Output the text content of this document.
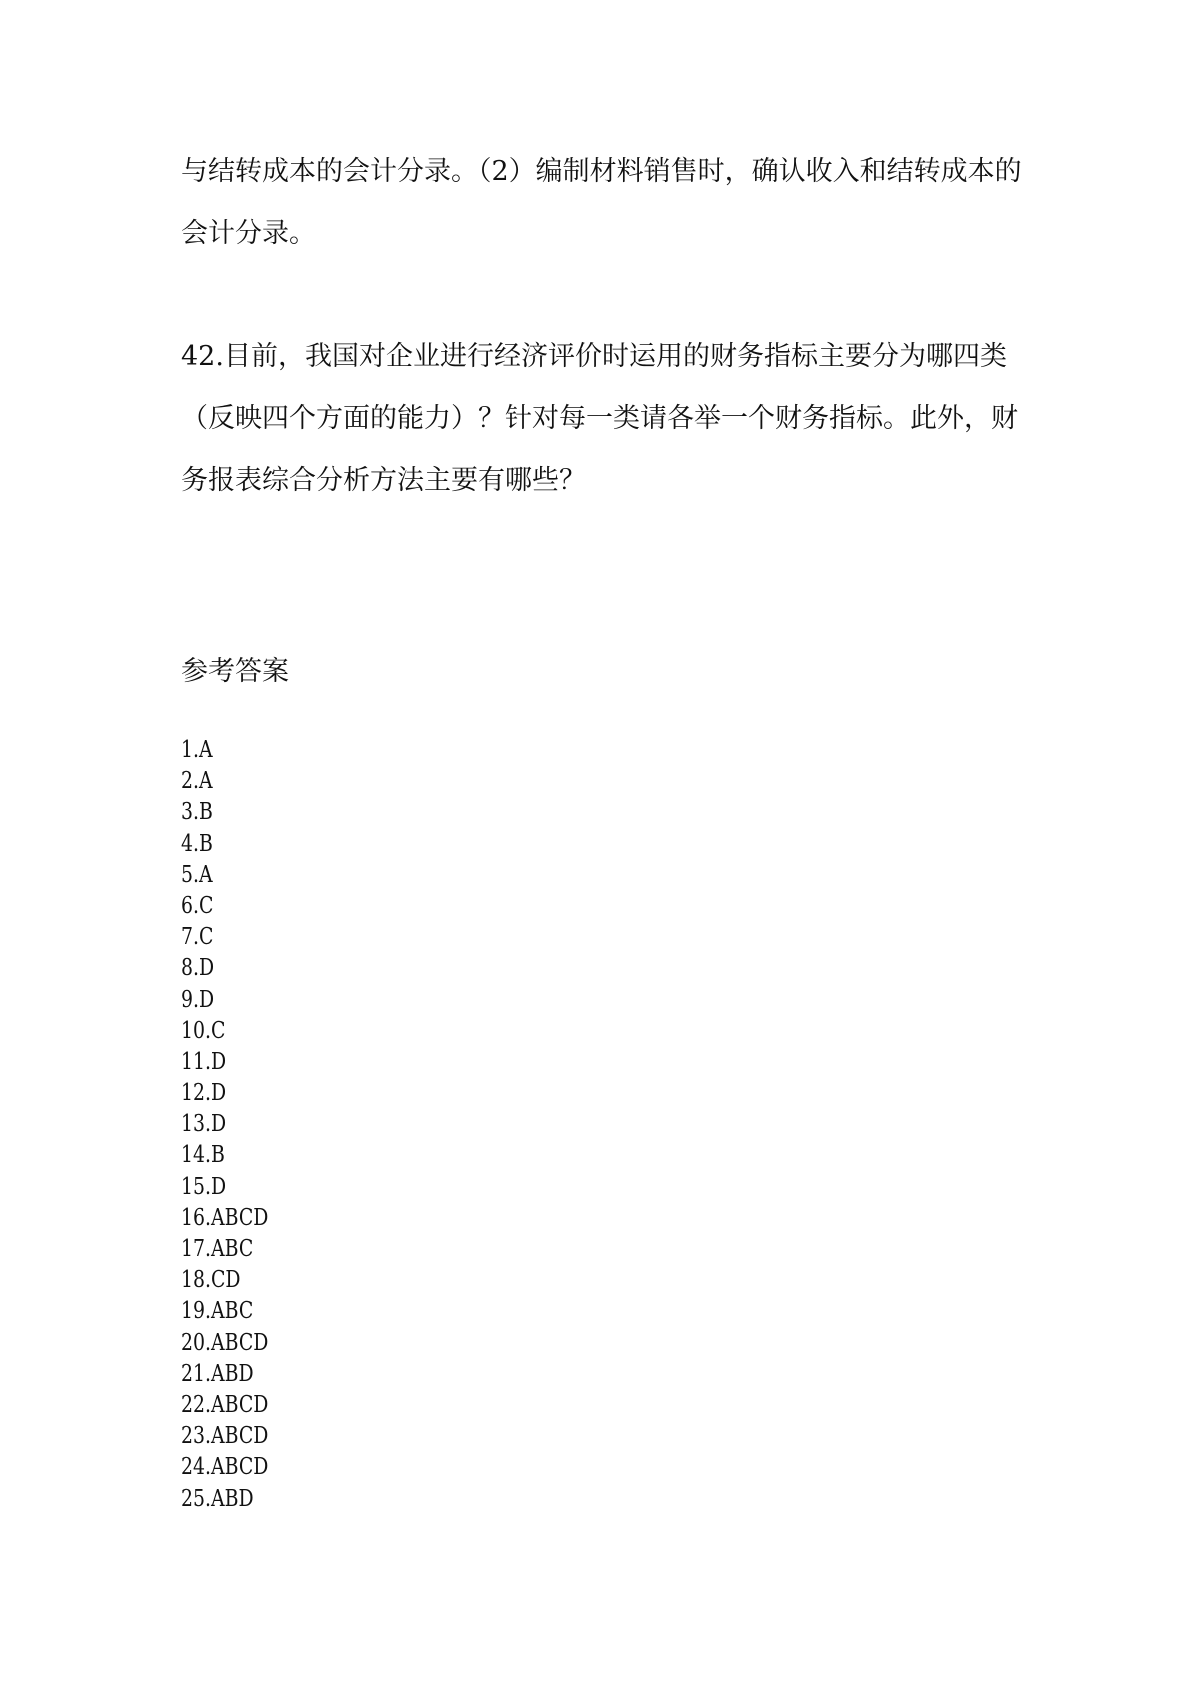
与结转成本的会计分录。（2）编制材料销售时，确认收入和结转成本的
会计分录。
42.目前，我国对企业进行经济评价时运用的财务指标主要分为哪四类
（反映四个方面的能力）？针对每一类请各举一个财务指标。此外，财
务报表综合分析方法主要有哪些？
参考答案
1.A
2.A
3.B
4.B
5.A
6.C
7.C
8.D
9.D
10.C
11.D
12.D
13.D
14.B
15.D
16.ABCD
17.ABC
18.CD
19.ABC
20.ABCD
21.ABD
22.ABCD
23.ABCD
24.ABCD
25.ABD
